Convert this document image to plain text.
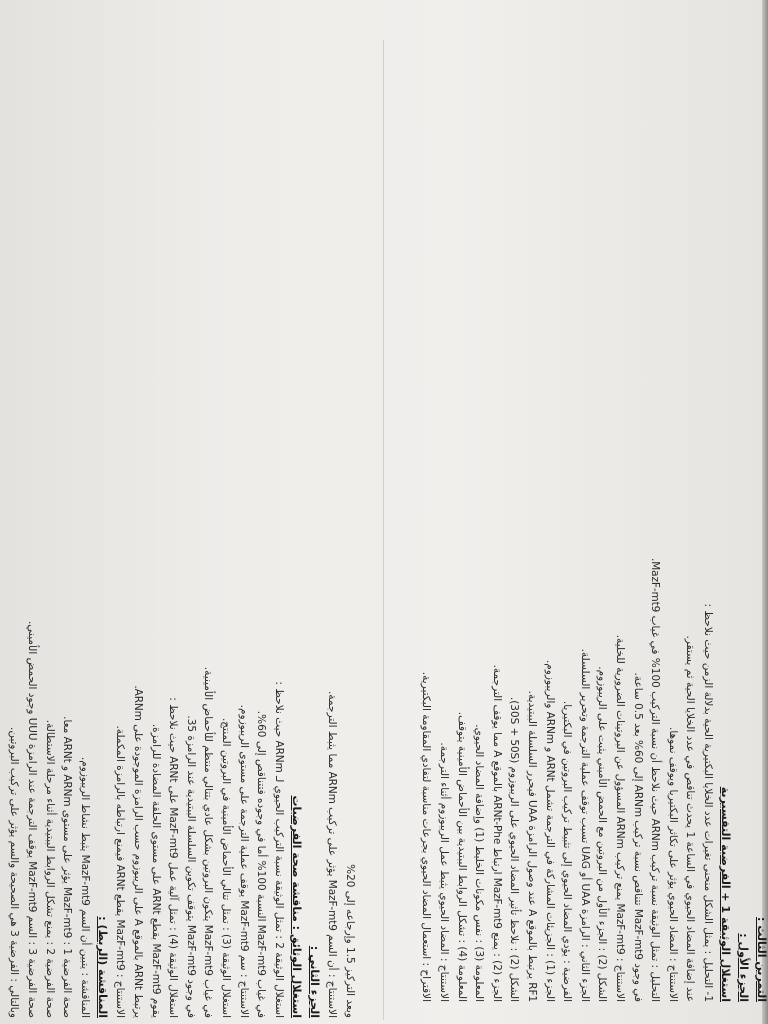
التمرين الثالث :
الجزء الأول :
استغلال الوثيقة 1 + الفرضية التفسيرية
1- التحليل : يمثل الشكل منحنى تغيرات عدد الخلايا البكتيرية الحية بدلالة الزمن حيث نلاحظ :
عند إضافة المضاد الحيوي في الساعة 1 يحدث تناقص في عدد الخلايا الحية ثم يستقر.
الاستنتاج : المضاد الحيوي يؤثر على تكاثر البكتيريا ويوقف نموها.
التحليل : تمثل الوثيقة نسبة تركيب ARNm حيث نلاحظ أن نسبة التركيب 100% في غياب MazF-mt9.
في وجود MazF-mt9 تتناقص نسبة تركيب ARNm إلى 60% بعد 0.5 ساعة.
الاستنتاج : MazF-mt9 يمنع تركيب ARNm المسؤول عن البروتينات الضرورية للخلية.
الشكل (2) : الجزء الأول من البروتين مع الحمض الأميني يثبت على الريبوزوم.
الجزء الثاني : الرامزة UAA أو UAG تسبب توقف عملية الترجمة وتحرير السلسلة.
الفرضية : يؤدي المضاد الحيوي إلى تثبيط تركيب البروتين في البكتيريا.
الجزء (1) : الجزيئات المشاركة في الترجمة تشمل ARNt و ARNm والريبوزوم.
RF1 يرتبط بالموقع A عند وصول الرامزة UAA فيحرر السلسلة الببتيدية.
الشكل (2) : نلاحظ تأثير المضاد الحيوي على الريبوزوم (30S + 50S).
الجزء (2) : يمنع MazF-mt9 ارتباط ARNt-Phe بالموقع A مما يوقف الترجمة.
المعلومة (3) : نفس مكونات الخليط (1) وإضافة المضاد الحيوي.
المعلومة (4) : تشكل الروابط الببتيدية بين الأحماض الأمينية يتوقف.
الاستنتاج : المضاد الحيوي يثبط عمل الريبوزوم أثناء الترجمة.
الاقتراح : استعمال المضاد الحيوي بجرعات مناسبة لتفادي المقاومة البكتيرية.
وبعد التركيز 1.5 وإرجاعه إلى 20%
الاستنتاج : أن السم MazF-mt9 يؤثر على تركيب ARNm مما يثبط الترجمة.
الجزء الثاني :
استغلال الوثائق : مناقشة صحة الفرضيات
استغلال الوثيقة 2 : تمثل الوثيقة نسبة التركيب الحيوي لـ ARNm حيث نلاحظ :
في غياب MazF-mt9 النسبة 100% أما في وجوده فتتناقص إلى 60%.
الاستنتاج : سم MazF-mt9 يوقف عملية الترجمة على مستوى الريبوزوم.
استغلال الوثيقة (3) : تمثل تتالي الأحماض الأمينية في البروتين المنتج.
في غياب MazF-mt9 يتكون البروتين بشكل عادي بتتالي منتظم للأحماض الأمينية.
في وجود MazF-mt9 يتوقف تكوين السلسلة الببتيدية عند الرامزة 35.
استغلال الوثيقة (4) : تمثل آلية عمل MazF-mt9 على ARNt حيث نلاحظ :
يقوم MazF-mt9 بقطع ARNt على مستوى الحلقة المضادة للرامزة.
يرتبط ARNt بالموقع A على الريبوزوم حسب الرامزة الموجودة على ARNm.
الاستنتاج : MazF-mt9 يقطع ARNt فيمنع ارتباطه بالرامزة المكملة.
المناقشة (الربط) :
المناقشة : يتبين أن السم MazF-mt9 يثبط نشاط الريبوزوم.
صحة الفرضية 1 : MazF-mt9 يؤثر على مستوى ARNm و ARNt معا.
صحة الفرضية 2 : يمنع تشكل الروابط الببتيدية أثناء مرحلة الاستطالة.
صحة الفرضية 3 : السم MazF-mt9 يوقف الترجمة عند الرامزة UUU وجود الحمض الأميني.
وبالتالي : الفرضية 3 هي الصحيحة والسم يؤثر على تركيب البروتين.
